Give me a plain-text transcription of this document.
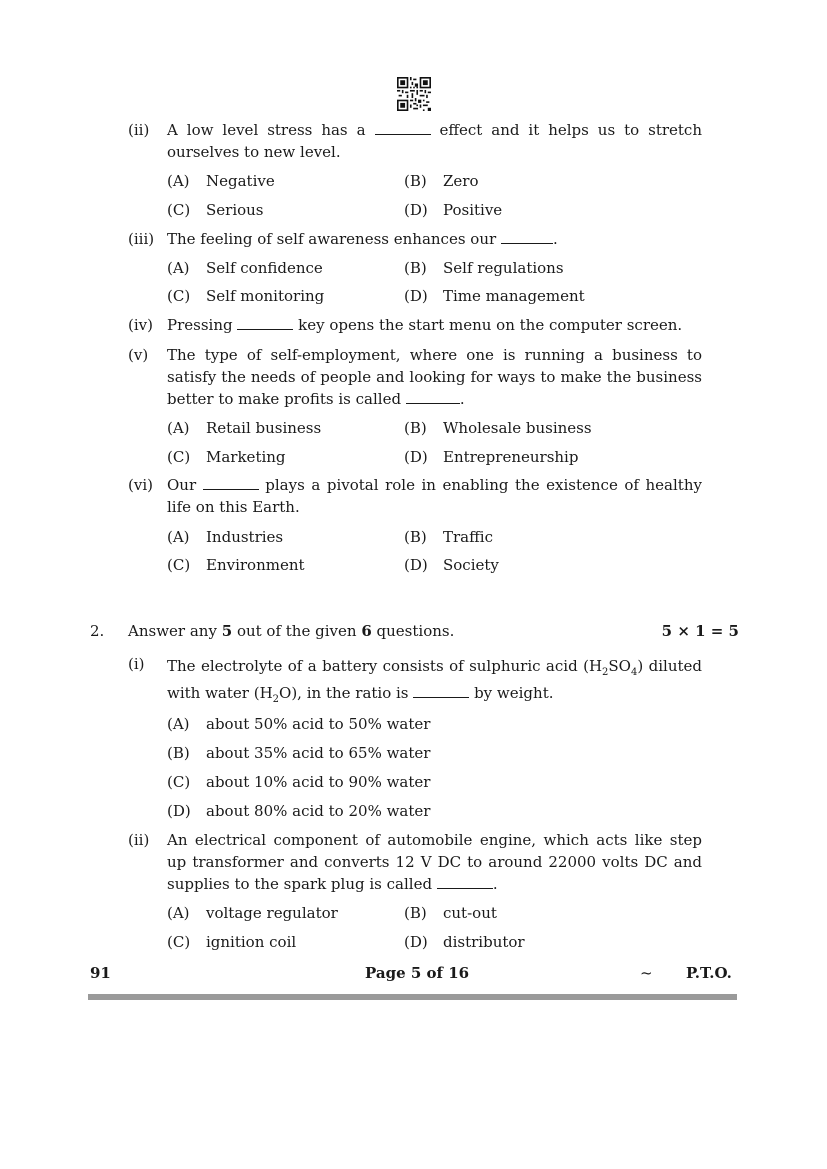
(ii)	A low level stress has a	effect and it helps us to stretch ourselves to new level.
(A) Negative	(B) Zero
(C) Serious	(D) Positive
(iii) The feeling of self awareness enhances our	.
(A) Self confidence	(B) Self regulations
(C) Self monitoring	(D) Time management
(iv) Pressing	key opens the start menu on the computer screen.
(v)	The type of self-employment, where one is running a business to satisfy the needs of people and looking for ways to make the business better to make profits is called	.
(A) Retail business	(B) Wholesale business
(C) Marketing	(D) Entrepreneurship
(vi) Our	plays a pivotal role in enabling the existence of healthy life on this Earth.
(A) Industries	(B) Traffic
(C) Environment	(D) Society
2.	Answer any 5 out of the given 6 questions.	5 × 1 = 5
(i)	The electrolyte of a battery consists of sulphuric acid $(H_2SO_4)$ diluted with water $(H_2O)$, in the ratio is	by weight.
(A) about 50% acid to 50% water
(B) about 35% acid to 65% water
(C) about 10% acid to 90% water
(D) about 80% acid to 20% water
(ii)	An electrical component of automobile engine, which acts like step up transformer and converts 12 V DC to around 22000 volts DC and supplies to the spark plug is called	.
(A) voltage regulator	(B) cut-out
(C) ignition coil	(D) distributor
91	Page 5 of 16	~ P.T.O.
